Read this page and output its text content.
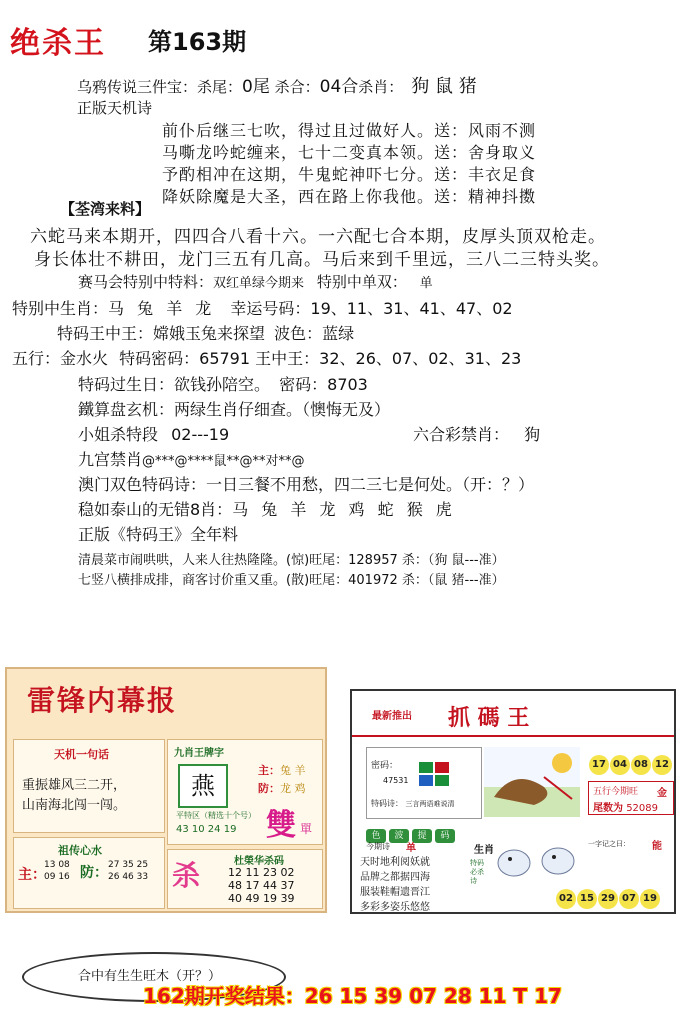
绝杀王 第163期
乌鸦传说三件宝：杀尾：0尾 杀合：04合杀肖： 狗 鼠 猪
正版天机诗
前仆后继三七吹，得过且过做好人。送：风雨不测
马嘶龙吟蛇缠来，七十二变真本领。送：舍身取义
予酌相冲在这期，牛鬼蛇神吓七分。送：丰衣足食
降妖除魔是大圣，西在路上你我他。送：精神抖擞
【荃湾来料】
六蛇马来本期开，四四合八看十六。一六配七合本期，皮厚头顶双枪走。
身长体壮不耕田，龙门三五有几高。马后来到千里远，三八二三特头奖。
赛马会特别中特料：双红单绿今期来 特别中单双： 单
特别中生肖：马 兔 羊 龙 幸运号码：19、11、31、41、47、02
特码王中王：嫦娥玉兔来探望 波色：蓝绿
五行：金水火 特码密码：65791 王中王：32、26、07、02、31、23
特码过生日：欲钱孙陪空。 密码：8703
鐵算盘玄机：两绿生肖仔细查。（懊悔无及）
小姐杀特段 02---19	六合彩禁肖： 狗
九宫禁肖@***@****鼠**@**对**@
澳门双色特码诗：一日三餐不用愁，四二三七是何处。（开：？）
稳如泰山的无错8肖：马 兔 羊 龙 鸡 蛇 猴 虎
正版《特码王》全年料
清晨菜市闹哄哄，人来人往热隆隆。(惊)旺尾：128957 杀：（狗 鼠---准）
七竖八横排成排，商客讨价重又重。(散)旺尾：401972 杀：（鼠 猪---准）
雷锋内幕报
天机一句话
重振雄风三二开，
山南海北闯一闯。
九肖王牌字
燕
主：兔 羊
防：龙 鸡
平特区（精选十个号）
43 10 24 19 雙 單
祖传心水
主：
13 08
09 16 防： 27 35 25
26 46 33 杀	杜榮华杀码
12 11 23 02
48 17 44 37
40 49 19 39
最新推出 抓 碼 王
密码：
47531
特码诗： 三言两语难说清
17 04 08 12
五行今期旺 金
尾数为 52089
色 波 提 码
今期诗 单
天时地利阅妖就
品牌之都据四海
服装鞋帽遗晋江
多彩多姿乐悠悠
生肖
特码必杀诗
一字记之曰： 能
02 15 29 07 19
合中有生生旺木（开？）
162期开奖结果：26 15 39 07 28 11 T 17
